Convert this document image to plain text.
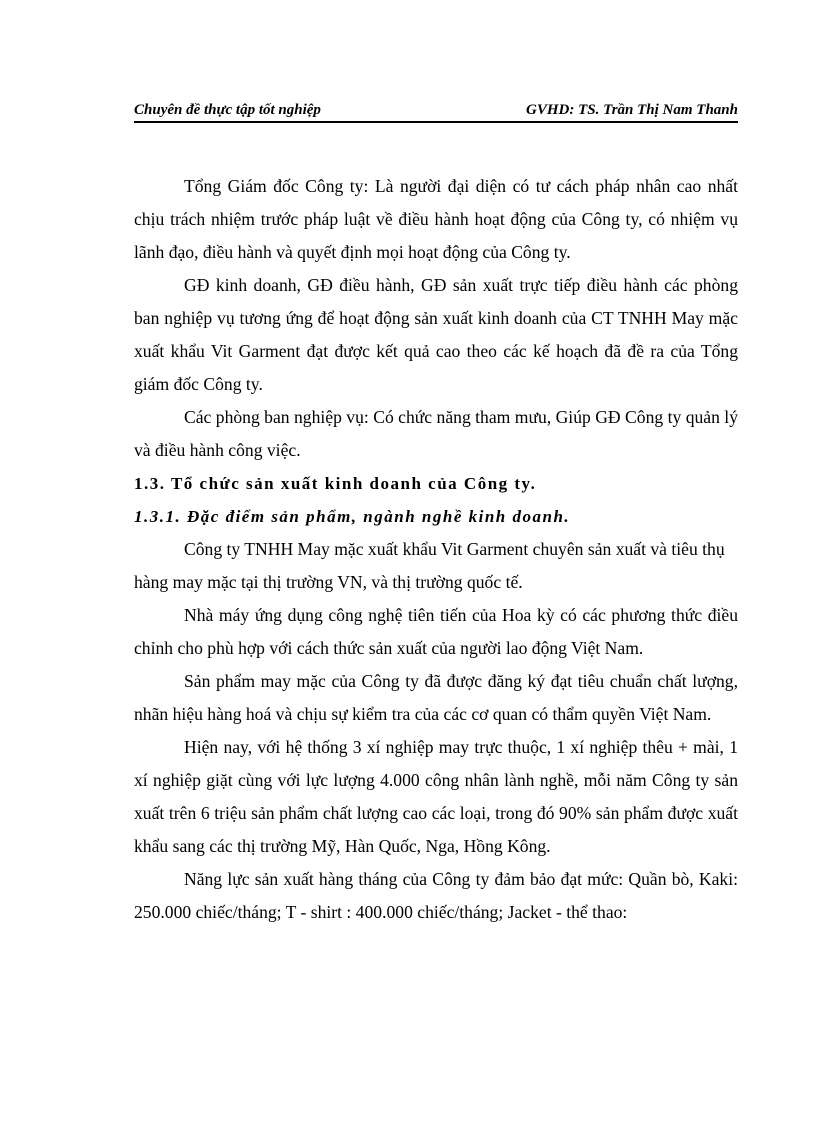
Chuyên đề thực tập tốt nghiệp	GVHD: TS. Trần Thị Nam Thanh

Tổng Giám đốc Công ty: Là người đại diện có tư cách pháp nhân cao nhất chịu trách nhiệm trước pháp luật về điều hành hoạt động của Công ty, có nhiệm vụ lãnh đạo, điều hành và quyết định mọi hoạt động của Công ty.

GĐ kinh doanh, GĐ điều hành, GĐ sản xuất trực tiếp điều hành các phòng ban nghiệp vụ tương ứng để hoạt động sản xuất kinh doanh của CT TNHH May mặc xuất khẩu Vit Garment đạt được kết quả cao theo các kế hoạch đã đề ra của Tổng giám đốc Công ty.

Các phòng ban nghiệp vụ: Có chức năng tham mưu, Giúp GĐ Công ty quản lý và điều hành công việc.

1.3. Tổ chức sản xuất kinh doanh của Công ty.
1.3.1. Đặc điểm sản phẩm, ngành nghề kinh doanh.

Công ty TNHH May mặc xuất khẩu Vit Garment chuyên sản xuất và tiêu thụ hàng may mặc tại thị trường VN, và thị trường quốc tế.

Nhà máy ứng dụng công nghệ tiên tiến của Hoa kỳ có các phương thức điều chỉnh cho phù hợp với cách thức sản xuất của người lao động Việt Nam.

Sản phẩm may mặc của Công ty đã được đăng ký đạt tiêu chuẩn chất lượng, nhãn hiệu hàng hoá và chịu sự kiểm tra của các cơ quan có thẩm quyền Việt Nam.

Hiện nay, với hệ thống 3 xí nghiệp may trực thuộc, 1 xí nghiệp thêu + mài, 1 xí nghiệp giặt cùng với lực lượng 4.000 công nhân lành nghề, mỗi năm Công ty sản xuất trên 6 triệu sản phẩm chất lượng cao các loại, trong đó 90% sản phẩm được xuất khẩu sang các thị trường Mỹ, Hàn Quốc, Nga, Hồng Kông.

Năng lực sản xuất hàng tháng của Công ty đảm bảo đạt mức: Quần bò, Kaki: 250.000 chiếc/tháng; T - shirt : 400.000 chiếc/tháng; Jacket - thể thao:
